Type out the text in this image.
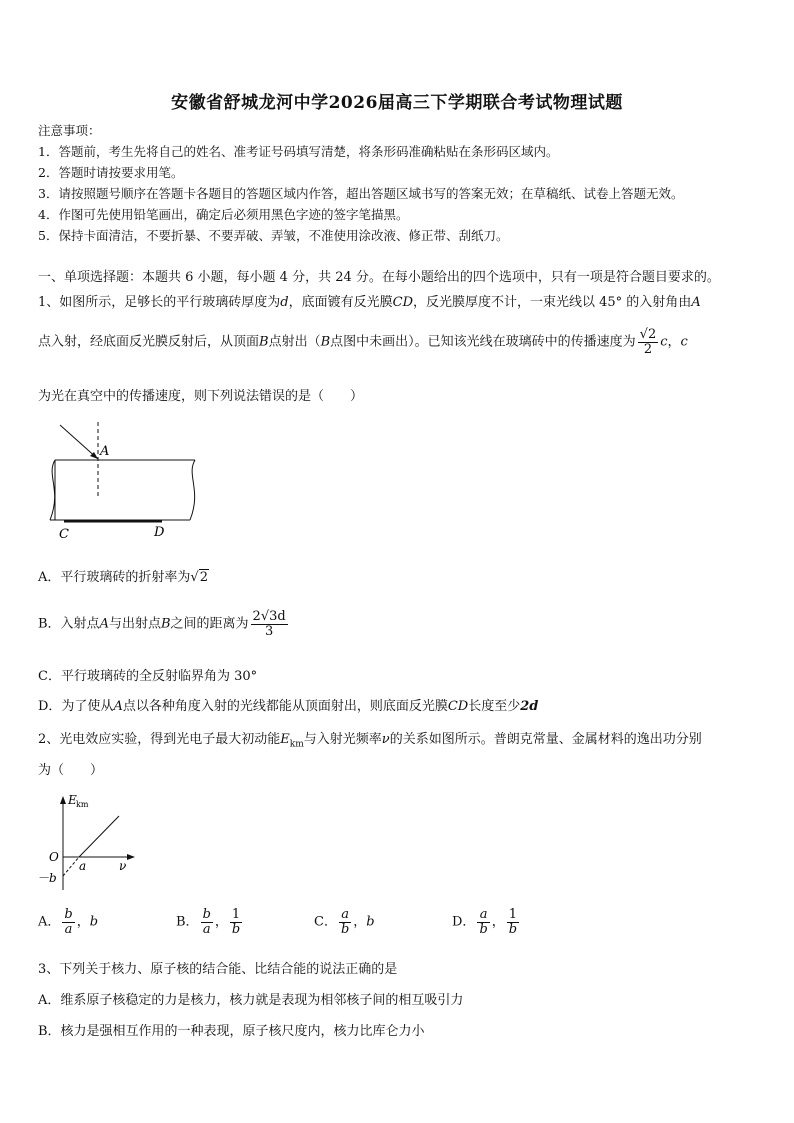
安徽省舒城龙河中学2026届高三下学期联合考试物理试题
注意事项：
1．答题前，考生先将自己的姓名、准考证号码填写清楚，将条形码准确粘贴在条形码区域内。
2．答题时请按要求用笔。
3．请按照题号顺序在答题卡各题目的答题区域内作答，超出答题区域书写的答案无效；在草稿纸、试卷上答题无效。
4．作图可先使用铅笔画出，确定后必须用黑色字迹的签字笔描黑。
5．保持卡面清洁，不要折暴、不要弄破、弄皱，不准使用涂改液、修正带、刮纸刀。
一、单项选择题：本题共 6 小题，每小题 4 分，共 24 分。在每小题给出的四个选项中，只有一项是符合题目要求的。
1、如图所示，足够长的平行玻璃砖厚度为d，底面镀有反光膜CD，反光膜厚度不计，一束光线以 45° 的入射角由A
点入射，经底面反光膜反射后，从顶面B点射出（B点图中未画出）。已知该光线在玻璃砖中的传播速度为 $\frac{√2}{2}$ c，c
为光在真空中的传播速度，则下列说法错误的是（　　）
A
C	D
A．平行玻璃砖的折射率为√2
B．入射点A与出射点B之间的距离为 $\frac{2√3d}{3}$
C．平行玻璃砖的全反射临界角为 30°
D．为了使从A点以各种角度入射的光线都能从顶面射出，则底面反光膜CD长度至少2d
2、光电效应实验，得到光电子最大初动能$E_{km}$与入射光频率ν的关系如图所示。普朗克常量、金属材料的逸出功分别
为（　　）
E km
O
a	ν
－b
A． $\frac{b}{a}$ ，b	B． $\frac{b}{a}$ ， $\frac{1}{b}$	C． $\frac{a}{b}$ ，b	D． $\frac{a}{b}$ ， $\frac{1}{b}$
3、下列关于核力、原子核的结合能、比结合能的说法正确的是
A．维系原子核稳定的力是核力，核力就是表现为相邻核子间的相互吸引力
B．核力是强相互作用的一种表现，原子核尺度内，核力比库仑力小
